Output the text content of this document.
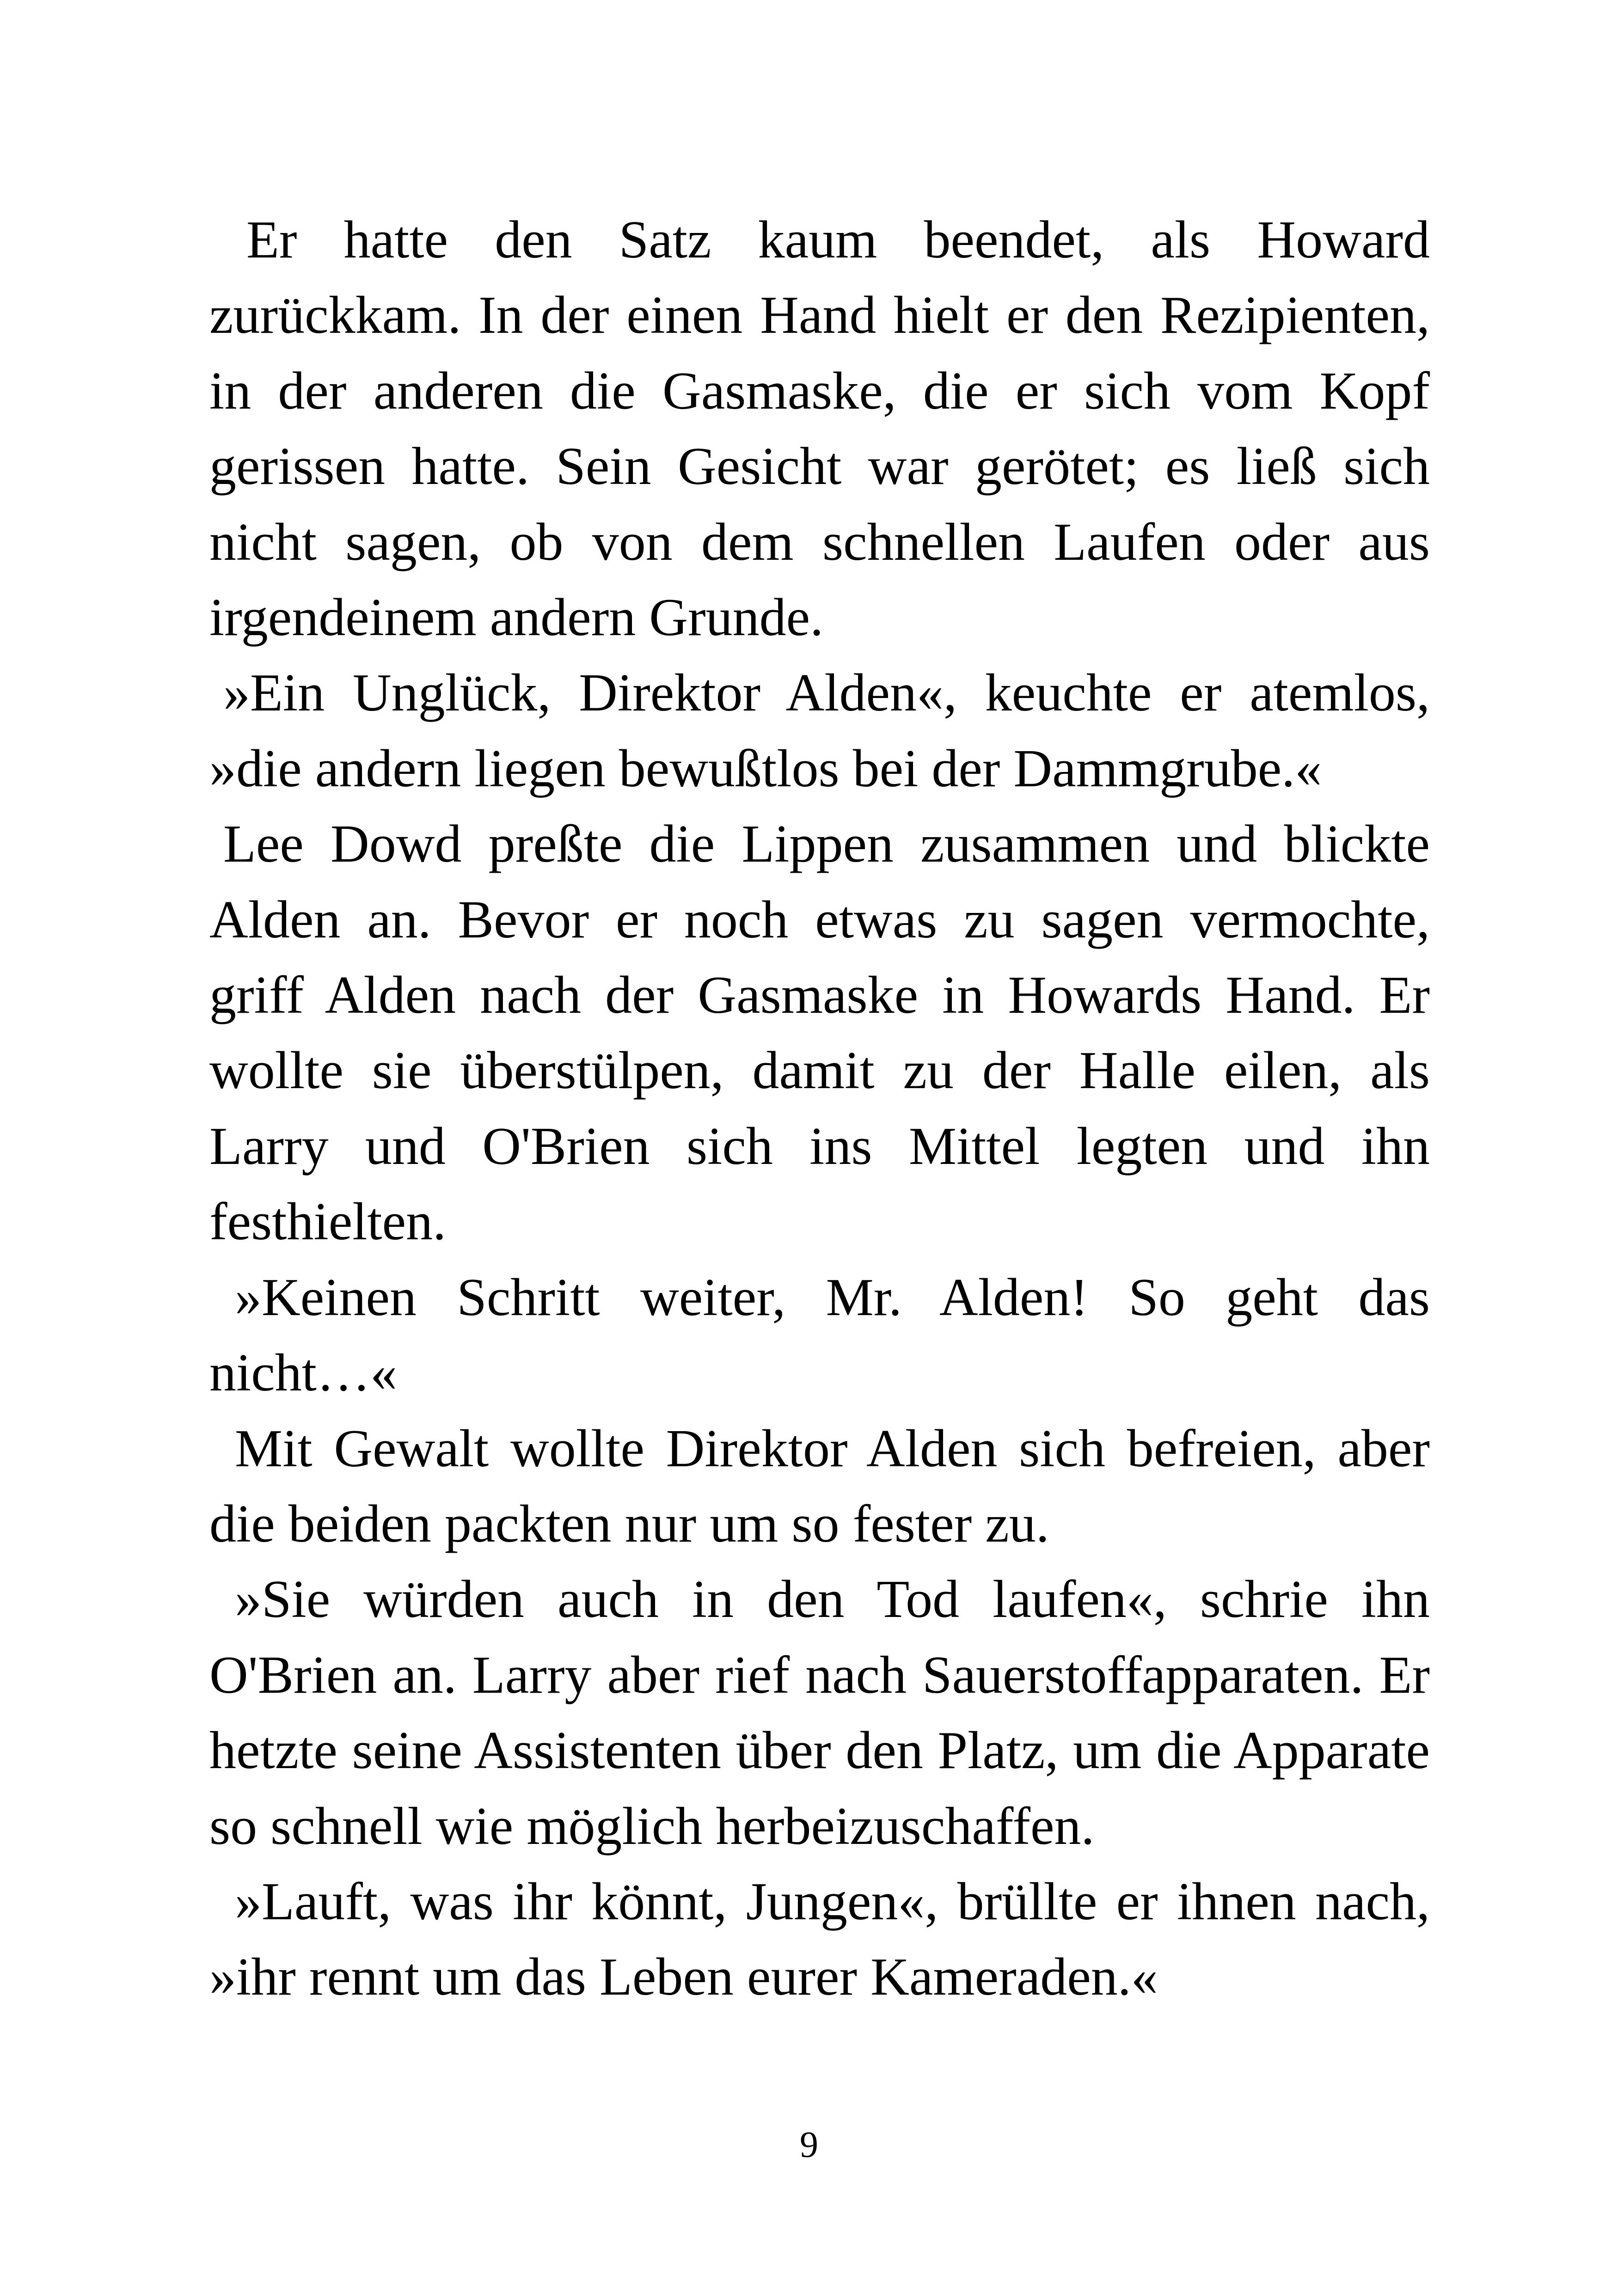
Er hatte den Satz kaum beendet, als Howard zurückkam. In der einen Hand hielt er den Rezipienten, in der anderen die Gasmaske, die er sich vom Kopf gerissen hatte. Sein Gesicht war gerötet; es ließ sich nicht sagen, ob von dem schnellen Laufen oder aus irgendeinem andern Grunde.

»Ein Unglück, Direktor Alden«, keuchte er atemlos, »die andern liegen bewußtlos bei der Dammgrube.«

Lee Dowd preßte die Lippen zusammen und blickte Alden an. Bevor er noch etwas zu sagen vermochte, griff Alden nach der Gasmaske in Howards Hand. Er wollte sie überstülpen, damit zu der Halle eilen, als Larry und O'Brien sich ins Mittel legten und ihn festhielten.

»Keinen Schritt weiter, Mr. Alden! So geht das nicht…«

Mit Gewalt wollte Direktor Alden sich befreien, aber die beiden packten nur um so fester zu.

»Sie würden auch in den Tod laufen«, schrie ihn O'Brien an. Larry aber rief nach Sauerstoffapparaten. Er hetzte seine Assistenten über den Platz, um die Apparate so schnell wie möglich herbeizuschaffen.

»Lauft, was ihr könnt, Jungen«, brüllte er ihnen nach, »ihr rennt um das Leben eurer Kameraden.«

9
